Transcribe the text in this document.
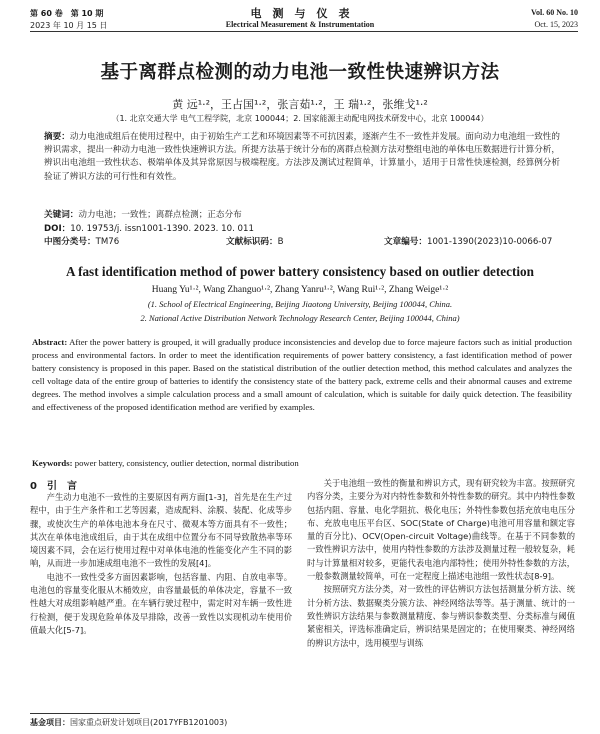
第 60 卷　第 10 期
2023 年 10 月 15 日
电　测　与　仪　表
Electrical Measurement & Instrumentation
Vol. 60 No. 10
Oct. 15, 2023
基于离群点检测的动力电池一致性快速辨识方法
黄 远¹·²，王占国¹·²，张言茹¹·²，王 瑞¹·²，张维戈¹·²
（1. 北京交通大学 电气工程学院，北京 100044；2. 国家能源主动配电网技术研发中心，北京 100044）
摘要：动力电池成组后在使用过程中，由于初始生产工艺和环境因素等不可抗因素，逐渐产生不一致性并发展。面向动力电池组一致性的辨识需求，提出一种动力电池一致性快速辨识方法。所提方法基于统计分布的离群点检测方法对整组电池的单体电压数据进行计算分析，辨识出电池组一致性状态、极端单体及其异常原因与极端程度。方法涉及测试过程简单，计算量小，适用于日常性快速检测，经算例分析验证了辨识方法的可行性和有效性。
关键词：动力电池；一致性；离群点检测；正态分布
DOI：10. 19753/j. issn1001-1390. 2023. 10. 011
中图分类号：TM76	文献标识码：B	文章编号：1001-1390(2023)10-0066-07
A fast identification method of power battery consistency based on outlier detection
Huang Yu¹·², Wang Zhanguo¹·², Zhang Yanru¹·², Wang Rui¹·², Zhang Weige¹·²
(1. School of Electrical Engineering, Beijing Jiaotong University, Beijing 100044, China.
2. National Active Distribution Network Technology Research Center, Beijing 100044, China)
Abstract: After the power battery is grouped, it will gradually produce inconsistencies and develop due to force majeure factors such as initial production process and environmental factors. In order to meet the identification requirements of power battery consistency, a fast identification method of power battery consistency is proposed in this paper. Based on the statistical distribution of the outlier detection method, this method calculates and analyzes the cell voltage data of the entire group of batteries to identify the consistency state of the battery pack, extreme cells and their abnormal causes and extreme degrees. The method involves a simple calculation process and a small amount of calculation, which is suitable for daily quick detection. The feasibility and effectiveness of the proposed identification method are verified by examples.
Keywords: power battery, consistency, outlier detection, normal distribution
0　引　言

产生动力电池不一致性的主要原因有两方面[1-3]，首先是在生产过程中，由于生产条件和工艺等因素，造成配料、涂膜、装配、化成等步骤，或使次生产的单体电池本身在尺寸、微观本等方面具有不一致性；其次在单体电池成组后，由于其在成组中位置分布不同导致散热率等环境因素不同，会在运行使用过程中对单体电池的性能变化产生不同的影响，从而进一步加速成组电池不一致性的发展[4]。

电池不一致性受多方面因素影响，包括容量、内阻、自放电率等。电池包的容量变化服从木桶效应，由容量最低的单体决定，容量不一致性越大对成组影响越严重。在车辆行驶过程中，需定时对车辆一致性进行检测，便于发现危险单体及早排除，改善一致性以实现机动车使用价值最大化[5-7]。

关于电池组一致性的衡量和辨识方式，现有研究较为丰富。按照研究内容分类，主要分为对内特性参数和外特性参数的研究。其中内特性参数包括内阻、容量、电化学阻抗、极化电压；外特性参数包括充放电电压分布、充放电电压平台区、SOC(State of Charge)电池可用容量和额定容量的百分比)、OCV(Open-circuit Voltage)曲线等。在基于不同参数的一致性辨识方法中，使用内特性参数的方法涉及测量过程一般较复杂，耗时与计算量相对较多，更能代表电池内部特性；使用外特性参数的方法，一般参数测量较简单，可在一定程度上描述电池组一致性状态[8-9]。

按照研究方法分类，对一致性的评估辨识方法包括测量分析方法、统计分析方法、数据聚类分簇方法、神经网络法等等。基于测量、统计的一致性辨识方法结果与参数测量精度、参与辨识参数类型、分类标准与阈值紧密相关，评选标准确定后，辨识结果是固定的；在使用聚类、神经网络的辨识方法中，选用模型与训练

基金项目：国家重点研发计划项目(2017YFB1201003)
